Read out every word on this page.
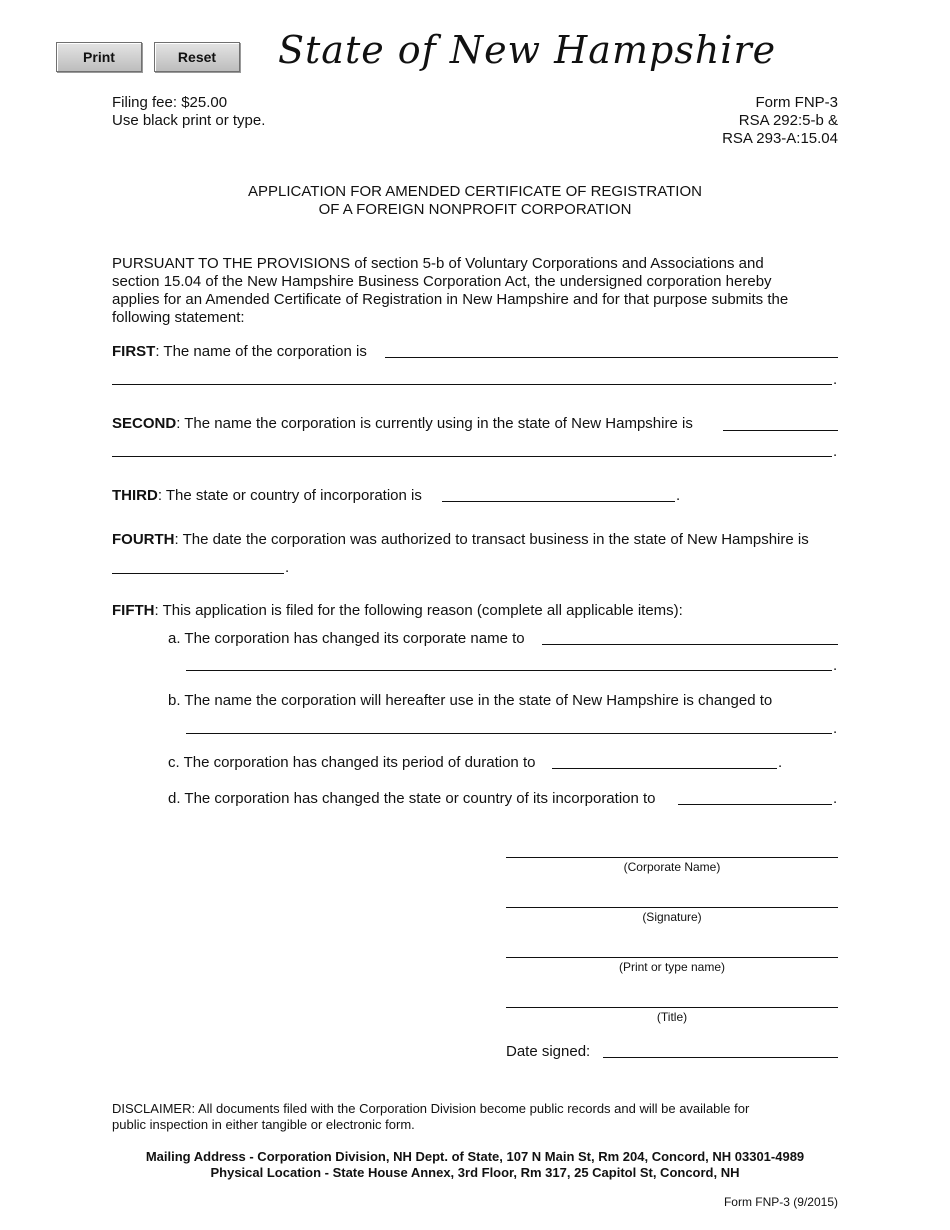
Print	Reset	State of New Hampshire
Filing fee: $25.00
Use black print or type.
Form FNP-3
RSA 292:5-b &
RSA 293-A:15.04
APPLICATION FOR AMENDED CERTIFICATE OF REGISTRATION
OF A FOREIGN NONPROFIT CORPORATION
PURSUANT TO THE PROVISIONS of section 5-b of Voluntary Corporations and Associations and
section 15.04 of the New Hampshire Business Corporation Act, the undersigned corporation hereby
applies for an Amended Certificate of Registration in New Hampshire and for that purpose submits the
following statement:
FIRST: The name of the corporation is
.
SECOND: The name the corporation is currently using in the state of New Hampshire is
.
THIRD: The state or country of incorporation is	.
FOURTH: The date the corporation was authorized to transact business in the state of New Hampshire is
.
FIFTH: This application is filed for the following reason (complete all applicable items):
a. The corporation has changed its corporate name to
.
b. The name the corporation will hereafter use in the state of New Hampshire is changed to
.
c. The corporation has changed its period of duration to	.
d. The corporation has changed the state or country of its incorporation to	.
(Corporate Name)
(Signature)
(Print or type name)
(Title)
Date signed:
DISCLAIMER: All documents filed with the Corporation Division become public records and will be available for
public inspection in either tangible or electronic form.
Mailing Address - Corporation Division, NH Dept. of State, 107 N Main St, Rm 204, Concord, NH 03301-4989
Physical Location - State House Annex, 3rd Floor, Rm 317, 25 Capitol St, Concord, NH
Form FNP-3 (9/2015)
